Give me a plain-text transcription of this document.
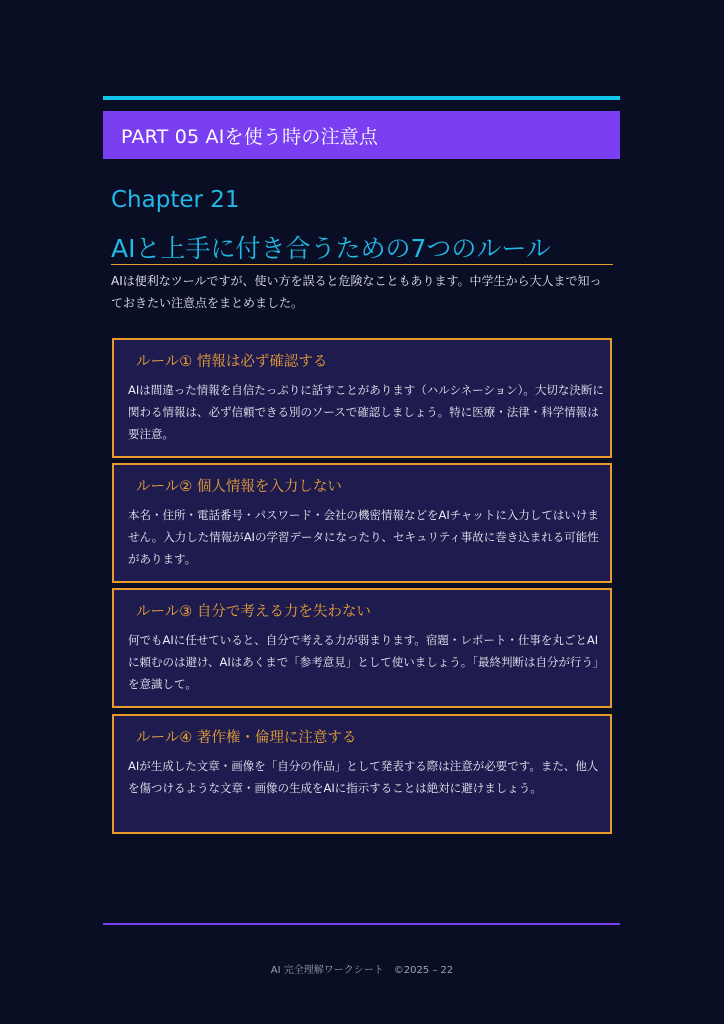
PART 05 AIを使う時の注意点
Chapter 21
AIと上手に付き合うための7つのルール
AIは便利なツールですが、使い方を誤ると危険なこともあります。中学生から大人まで知っておきたい注意点をまとめました。
ルール① 情報は必ず確認する
AIは間違った情報を自信たっぷりに話すことがあります（ハルシネーション）。大切な決断に関わる情報は、必ず信頼できる別のソースで確認しましょう。特に医療・法律・科学情報は要注意。
ルール② 個人情報を入力しない
本名・住所・電話番号・パスワード・会社の機密情報などをAIチャットに入力してはいけません。入力した情報がAIの学習データになったり、セキュリティ事故に巻き込まれる可能性があります。
ルール③ 自分で考える力を失わない
何でもAIに任せていると、自分で考える力が弱まります。宿題・レポート・仕事を丸ごとAIに頼むのは避け、AIはあくまで「参考意見」として使いましょう。「最終判断は自分が行う」を意識して。
ルール④ 著作権・倫理に注意する
AIが生成した文章・画像を「自分の作品」として発表する際は注意が必要です。また、他人を傷つけるような文章・画像の生成をAIに指示することは絶対に避けましょう。
AI 完全理解ワークシート　©2025 – 22
